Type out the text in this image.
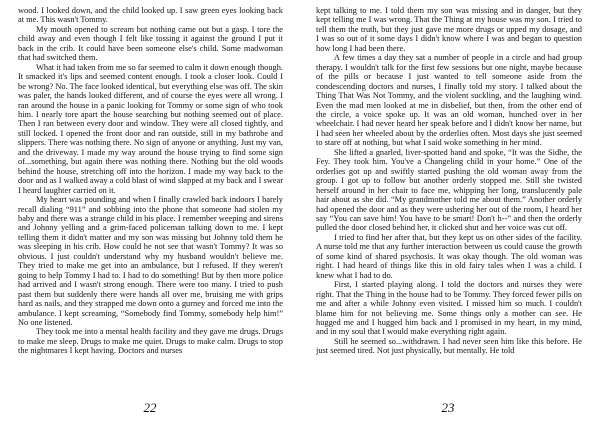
wood. I looked down, and the child looked up. I saw green eyes looking back at me. This wasn't Tommy.

My mouth opened to scream but nothing came out but a gasp. I tore the child away and even though I felt like tossing it against the ground I put it back in the crib. It could have been someone else's child. Some madwoman that had switched them.

What it had taken from me so far seemed to calm it down enough though. It smacked it's lips and seemed content enough. I took a closer look. Could I be wrong? No. The face looked identical, but everything else was off. The skin was paler, the hands looked different, and of course the eyes were all wrong. I ran around the house in a panic looking for Tommy or some sign of who took him. I nearly tore apart the house searching but nothing seemed out of place. Then I ran between every door and window. They were all closed tightly, and still locked. I opened the front door and ran outside, still in my bathrobe and slippers. There was nothing there. No sign of anyone or anything. Just my van, and the driveway. I made my way around the house trying to find some sign of...something, but again there was nothing there. Nothing but the old woods behind the house, stretching off into the horizon. I made my way back to the door and as I walked away a cold blast of wind slapped at my back and I swear I heard laughter carried on it.

My heart was pounding and when I finally crawled back indoors I barely recall dialing “911” and sobbing into the phone that someone had stolen my baby and there was a strange child in his place. I remember weeping and sirens and Johnny yelling and a grim-faced policeman talking down to me. I kept telling them it didn't matter and my son was missing but Johnny told them he was sleeping in his crib. How could he not see that wasn't Tommy? It was so obvious. I just couldn't understand why my husband wouldn't believe me. They tried to make me get into an ambulance, but I refused. If they weren't going to help Tommy I had to. I had to do something! But by then more police had arrived and I wasn't strong enough. There were too many. I tried to push past them but suddenly there were hands all over me, bruising me with grips hard as nails, and they strapped me down onto a gurney and forced me into the ambulance. I kept screaming, “Somebody find Tommy, somebody help him!” No one listened.

They took me into a mental health facility and they gave me drugs. Drugs to make me sleep. Drugs to make me quiet. Drugs to make calm. Drugs to stop the nightmares I kept having. Doctors and nurses

22

kept talking to me. I told them my son was missing and in danger, but they kept telling me I was wrong. That the Thing at my house was my son. I tried to tell them the truth, but they just gave me more drugs or upped my dosage, and I was so out of it some days I didn't know where I was and began to question how long I had been there.

A few times a day they sat a number of people in a circle and had group therapy. I wouldn't talk for the first few sessions but one night, maybe because of the pills or because I just wanted to tell someone aside from the condescending doctors and nurses, I finally told my story. I talked about the Thing That Was Not Tommy, and the violent suckling, and the laughing wind. Even the mad men looked at me in disbelief, but then, from the other end of the circle, a voice spoke up. It was an old woman, hunched over in her wheelchair. I had never heard her speak before and I didn't know her name, but I had seen her wheeled about by the orderlies often. Most days she just seemed to stare off at nothing, but what I said woke something in her mind.

She lifted a gnarled, liver-spotted hand and spoke, “It was the Sidhe, the Fey. They took him. You've a Changeling child in your home.” One of the orderlies got up and swiftly started pushing the old woman away from the group. I got up to follow but another orderly stopped me. Still she twisted herself around in her chair to face me, whipping her long, translucently pale hair about as she did. “My grandmother told me about them.” Another orderly had opened the door and as they were ushering her out of the room, I heard her say “You can save him! You have to be smart! Don't h--” and then the orderly pulled the door closed behind her, it clicked shut and her voice was cut off.

I tried to find her after that, but they kept us on other sides of the facility. A nurse told me that any further interaction between us could cause the growth of some kind of shared psychosis. It was okay though. The old woman was right. I had heard of things like this in old fairy tales when I was a child. I knew what I had to do.

First, I started playing along. I told the doctors and nurses they were right. That the Thing in the house had to be Tommy. They forced fewer pills on me and after a while Johnny even visited. I missed him so much. I couldn't blame him for not believing me. Some things only a mother can see. He hugged me and I hugged him back and I promised in my heart, in my mind, and in my soul that I would make everything right again.

Still he seemed so...withdrawn. I had never seen him like this before. He just seemed tired. Not just physically, but mentally. He told

23
